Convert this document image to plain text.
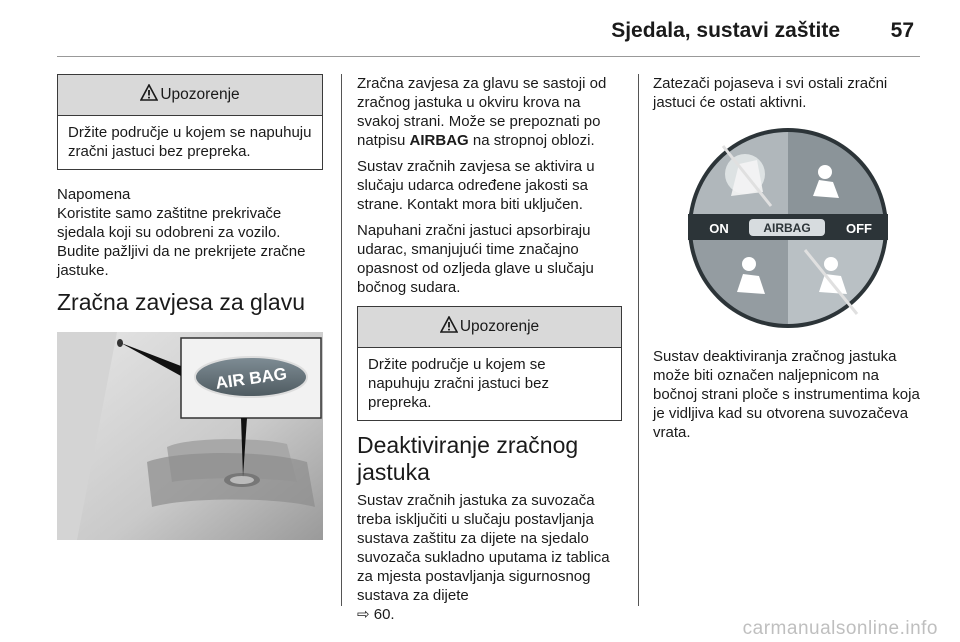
Sjedala, sustavi zaštite 57
Upozorenje
Držite područje u kojem se napuhuju zračni jastuci bez prepreka.
Napomena

Koristite samo zaštitne prekrivače sjedala koji su odobreni za vozilo. Budite pažljivi da ne prekrijete zračne jastuke.

Zračna zavjesa za glavu
AIR BAG

Zračna zavjesa za glavu se sastoji od zračnog jastuka u okviru krova na svakoj strani. Može se prepoznati po natpisu AIRBAG na stropnoj oblozi.

Sustav zračnih zavjesa se aktivira u slučaju udarca određene jakosti sa strane. Kontakt mora biti uključen.

Napuhani zračni jastuci apsorbiraju udarac, smanjujući time značajno opasnost od ozljeda glave u slučaju bočnog sudara.

Upozorenje
Držite područje u kojem se napuhuju zračni jastuci bez prepreka.
Deaktiviranje zračnog jastuka

Sustav zračnih jastuka za suvozača treba isključiti u slučaju postavljanja sustava zaštitu za dijete na sjedalo suvozača sukladno uputama iz tablica za mjesta postavljanja sigurnosnog sustava za dijete
⇨ 60.

Zatezači pojaseva i svi ostali zračni jastuci će ostati aktivni.

ON	AIRBAG	OFF

Sustav deaktiviranja zračnog jastuka može biti označen naljepnicom na bočnoj strani ploče s instrumentima koja je vidljiva kad su otvorena suvozačeva vrata.

carmanualsonline.info
